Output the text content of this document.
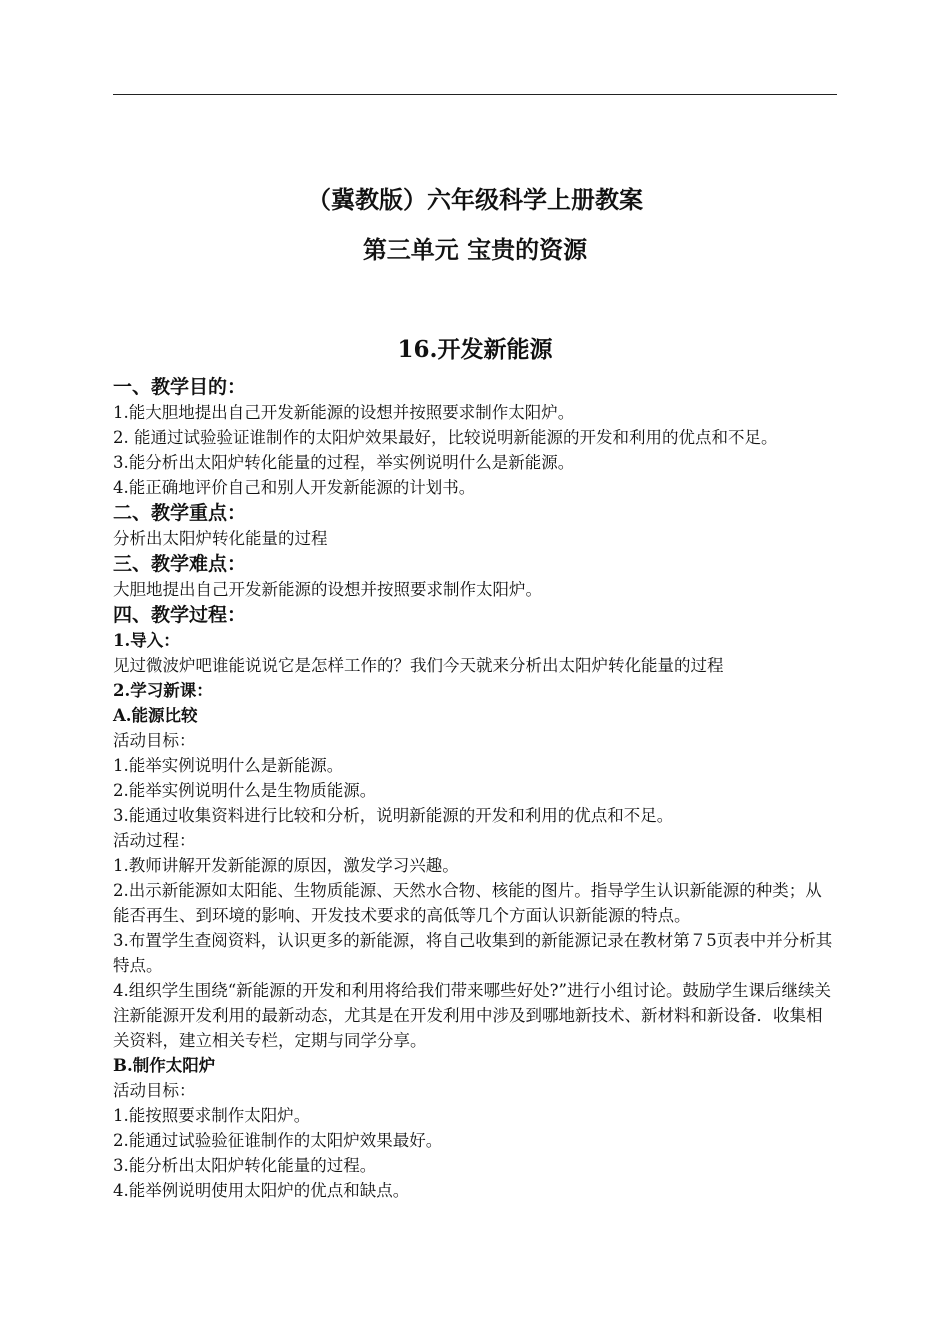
（冀教版）六年级科学上册教案

第三单元 宝贵的资源

16.开发新能源

一、教学目的：

1.能大胆地提出自己开发新能源的设想并按照要求制作太阳炉。

2. 能通过试验验证谁制作的太阳炉效果最好，比较说明新能源的开发和利用的优点和不足。

3.能分析出太阳炉转化能量的过程，举实例说明什么是新能源。

4.能正确地评价自己和别人开发新能源的计划书。

二、教学重点：

分析出太阳炉转化能量的过程

三、教学难点：

大胆地提出自己开发新能源的设想并按照要求制作太阳炉。

四、教学过程：

1.导入：

见过微波炉吧谁能说说它是怎样工作的？我们今天就来分析出太阳炉转化能量的过程

2.学习新课：

A.能源比较

活动目标：

1.能举实例说明什么是新能源。

2.能举实例说明什么是生物质能源。

3.能通过收集资料进行比较和分析，说明新能源的开发和利用的优点和不足。

活动过程：

1.教师讲解开发新能源的原因，激发学习兴趣。

2.出示新能源如太阳能、生物质能源、天然水合物、核能的图片。指导学生认识新能源的种类；从能否再生、到环境的影响、开发技术要求的高低等几个方面认识新能源的特点。

3.布置学生查阅资料，认识更多的新能源，将自己收集到的新能源记录在教材第７5页表中并分析其特点。

4.组织学生围绕“新能源的开发和利用将给我们带来哪些好处?”进行小组讨论。鼓励学生课后继续关注新能源开发利用的最新动态，尤其是在开发利用中涉及到哪地新技术、新材料和新设备．收集相关资料，建立相关专栏，定期与同学分享。

B.制作太阳炉

活动目标：

1.能按照要求制作太阳炉。

2.能通过试验验征谁制作的太阳炉效果最好。

3.能分析出太阳炉转化能量的过程。

4.能举例说明使用太阳炉的优点和缺点。
